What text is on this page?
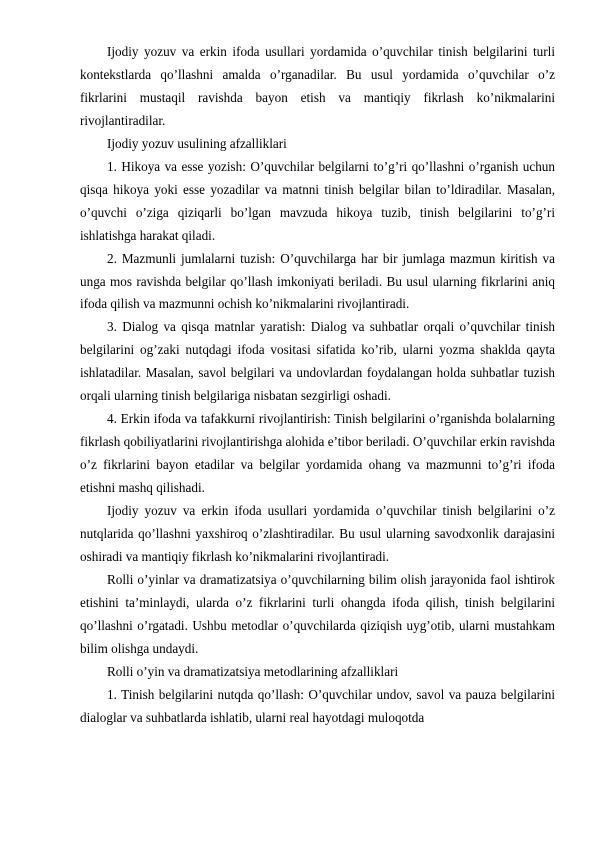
Ijodiy yozuv va erkin ifoda usullari yordamida o’quvchilar tinish belgilarini turli kontekstlarda qo’llashni amalda o’rganadilar. Bu usul yordamida o’quvchilar o’z fikrlarini mustaqil ravishda bayon etish va mantiqiy fikrlash ko’nikmalarini rivojlantiradilar.

Ijodiy yozuv usulining afzalliklari

1. Hikoya va esse yozish: O’quvchilar belgilarni to’g’ri qo’llashni o’rganish uchun qisqa hikoya yoki esse yozadilar va matnni tinish belgilar bilan to’ldiradilar. Masalan, o’quvchi o’ziga qiziqarli bo’lgan mavzuda hikoya tuzib, tinish belgilarini to’g’ri ishlatishga harakat qiladi.

2. Mazmunli jumlalarni tuzish: O’quvchilarga har bir jumlaga mazmun kiritish va unga mos ravishda belgilar qo’llash imkoniyati beriladi. Bu usul ularning fikrlarini aniq ifoda qilish va mazmunni ochish ko’nikmalarini rivojlantiradi.

3. Dialog va qisqa matnlar yaratish: Dialog va suhbatlar orqali o’quvchilar tinish belgilarini og’zaki nutqdagi ifoda vositasi sifatida ko’rib, ularni yozma shaklda qayta ishlatadilar. Masalan, savol belgilari va undovlardan foydalangan holda suhbatlar tuzish orqali ularning tinish belgilariga nisbatan sezgirligi oshadi.

4. Erkin ifoda va tafakkurni rivojlantirish: Tinish belgilarini o’rganishda bolalarning fikrlash qobiliyatlarini rivojlantirishga alohida e’tibor beriladi. O’quvchilar erkin ravishda o’z fikrlarini bayon etadilar va belgilar yordamida ohang va mazmunni to’g’ri ifoda etishni mashq qilishadi.

Ijodiy yozuv va erkin ifoda usullari yordamida o’quvchilar tinish belgilarini o’z nutqlarida qo’llashni yaxshiroq o’zlashtiradilar. Bu usul ularning savodxonlik darajasini oshiradi va mantiqiy fikrlash ko’nikmalarini rivojlantiradi.

Rolli o’yinlar va dramatizatsiya o’quvchilarning bilim olish jarayonida faol ishtirok etishini ta’minlaydi, ularda o’z fikrlarini turli ohangda ifoda qilish, tinish belgilarini qo’llashni o’rgatadi. Ushbu metodlar o’quvchilarda qiziqish uyg’otib, ularni mustahkam bilim olishga undaydi.

Rolli o’yin va dramatizatsiya metodlarining afzalliklari

1. Tinish belgilarini nutqda qo’llash: O’quvchilar undov, savol va pauza belgilarini dialoglar va suhbatlarda ishlatib, ularni real hayotdagi muloqotda
